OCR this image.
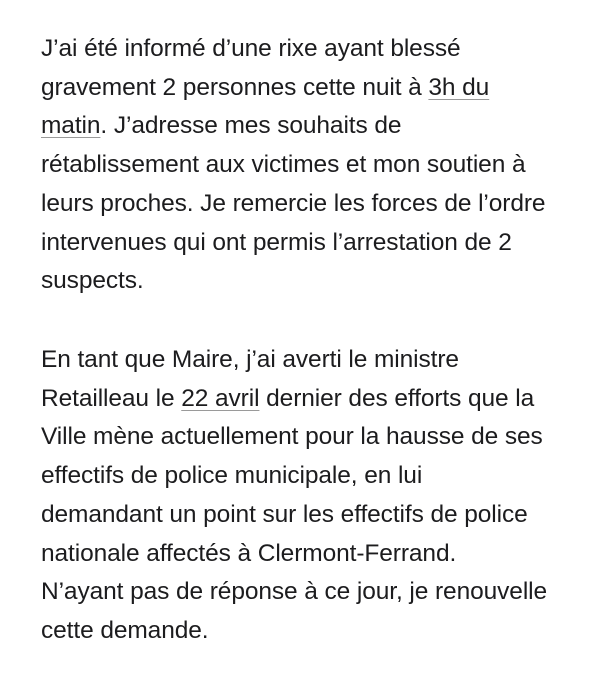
J’ai été informé d’une rixe ayant blessé
gravement 2 personnes cette nuit à 3h du
matin. J’adresse mes souhaits de
rétablissement aux victimes et mon soutien à
leurs proches. Je remercie les forces de l’ordre
intervenues qui ont permis l’arrestation de 2
suspects.

En tant que Maire, j’ai averti le ministre
Retailleau le 22 avril dernier des efforts que la
Ville mène actuellement pour la hausse de ses
effectifs de police municipale, en lui
demandant un point sur les effectifs de police
nationale affectés à Clermont-Ferrand.
N’ayant pas de réponse à ce jour, je renouvelle
cette demande.
